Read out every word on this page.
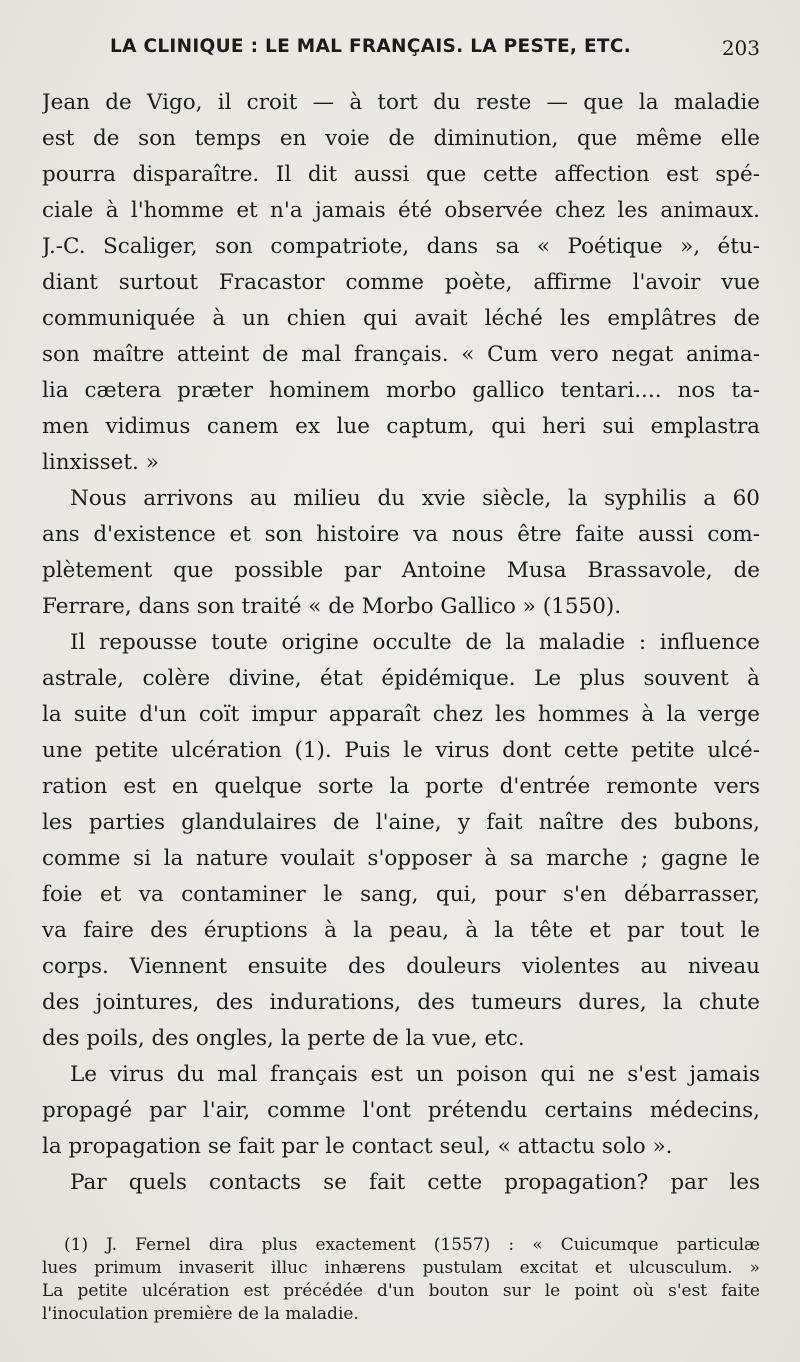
LA CLINIQUE : LE MAL FRANÇAIS. LA PESTE, ETC.	203
Jean de Vigo, il croit — à tort du reste — que la maladie
est de son temps en voie de diminution, que même elle
pourra disparaître. Il dit aussi que cette affection est spé-
ciale à l'homme et n'a jamais été observée chez les animaux.
J.-C. Scaliger, son compatriote, dans sa « Poétique », étu-
diant surtout Fracastor comme poète, affirme l'avoir vue
communiquée à un chien qui avait léché les emplâtres de
son maître atteint de mal français. « Cum vero negat anima-
lia cætera præter hominem morbo gallico tentari.... nos ta-
men vidimus canem ex lue captum, qui heri sui emplastra
linxisset. »
Nous arrivons au milieu du xvie siècle, la syphilis a 60
ans d'existence et son histoire va nous être faite aussi com-
plètement que possible par Antoine Musa Brassavole, de
Ferrare, dans son traité « de Morbo Gallico » (1550).
Il repousse toute origine occulte de la maladie : influence
astrale, colère divine, état épidémique. Le plus souvent à
la suite d'un coït impur apparaît chez les hommes à la verge
une petite ulcération (1). Puis le virus dont cette petite ulcé-
ration est en quelque sorte la porte d'entrée remonte vers
les parties glandulaires de l'aine, y fait naître des bubons,
comme si la nature voulait s'opposer à sa marche ; gagne le
foie et va contaminer le sang, qui, pour s'en débarrasser,
va faire des éruptions à la peau, à la tête et par tout le
corps. Viennent ensuite des douleurs violentes au niveau
des jointures, des indurations, des tumeurs dures, la chute
des poils, des ongles, la perte de la vue, etc.
Le virus du mal français est un poison qui ne s'est jamais
propagé par l'air, comme l'ont prétendu certains médecins,
la propagation se fait par le contact seul, « attactu solo ».
Par quels contacts se fait cette propagation? par les
(1) J. Fernel dira plus exactement (1557) : « Cuicumque particulæ
lues primum invaserit illuc inhærens pustulam excitat et ulcusculum. »
La petite ulcération est précédée d'un bouton sur le point où s'est faite
l'inoculation première de la maladie.
